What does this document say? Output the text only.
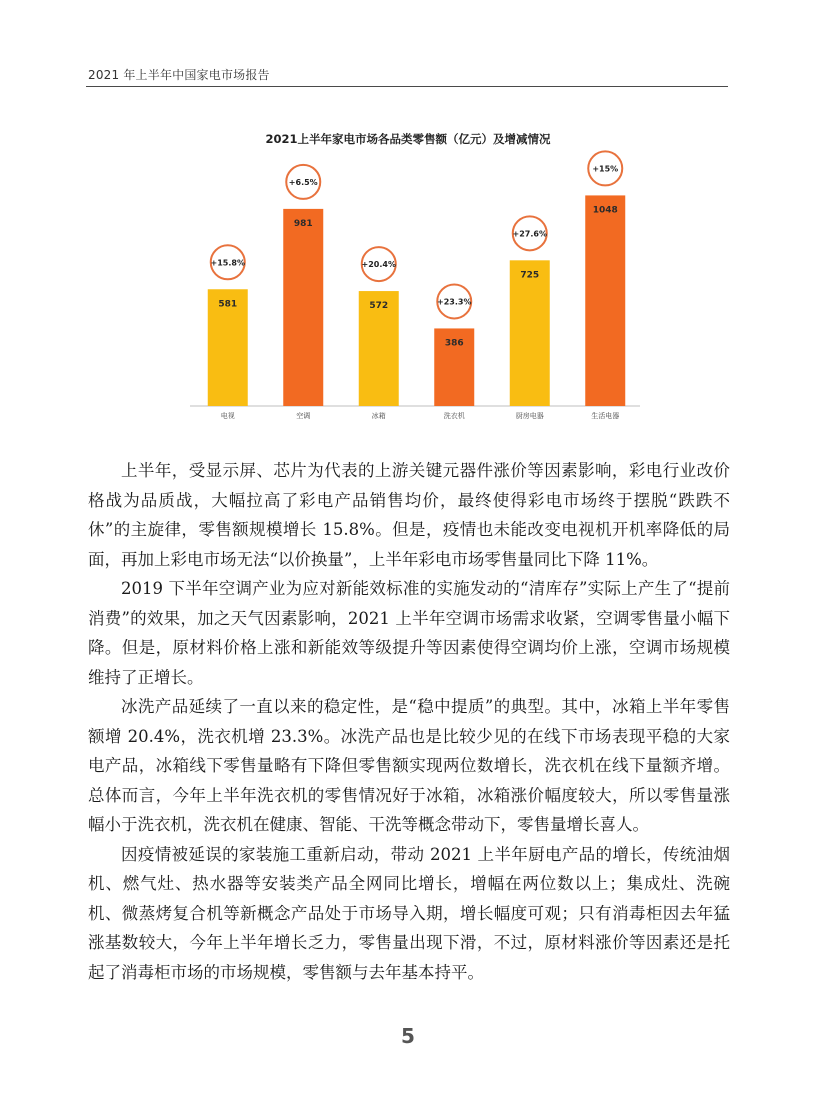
2021 年上半年中国家电市场报告
2021上半年家电市场各品类零售额（亿元）及增减情况
581
+15.8%
电视
981
+6.5%
空调
572
+20.4%
冰箱
386
+23.3%
洗衣机
725
+27.6%
厨房电器
1048
+15%
生活电器

上半年，受显示屏、芯片为代表的上游关键元器件涨价等因素影响，彩电行业改价格战为品质战，大幅拉高了彩电产品销售均价，最终使得彩电市场终于摆脱“跌跌不休”的主旋律，零售额规模增长 15.8%。但是，疫情也未能改变电视机开机率降低的局面，再加上彩电市场无法“以价换量”，上半年彩电市场零售量同比下降 11%。

2019 下半年空调产业为应对新能效标准的实施发动的“清库存”实际上产生了“提前消费”的效果，加之天气因素影响，2021 上半年空调市场需求收紧，空调零售量小幅下降。但是，原材料价格上涨和新能效等级提升等因素使得空调均价上涨，空调市场规模维持了正增长。

冰洗产品延续了一直以来的稳定性，是“稳中提质”的典型。其中，冰箱上半年零售额增 20.4%，洗衣机增 23.3%。冰洗产品也是比较少见的在线下市场表现平稳的大家电产品，冰箱线下零售量略有下降但零售额实现两位数增长，洗衣机在线下量额齐增。总体而言，今年上半年洗衣机的零售情况好于冰箱，冰箱涨价幅度较大，所以零售量涨幅小于洗衣机，洗衣机在健康、智能、干洗等概念带动下，零售量增长喜人。

因疫情被延误的家装施工重新启动，带动 2021 上半年厨电产品的增长，传统油烟机、燃气灶、热水器等安装类产品全网同比增长，增幅在两位数以上；集成灶、洗碗机、微蒸烤复合机等新概念产品处于市场导入期，增长幅度可观；只有消毒柜因去年猛涨基数较大，今年上半年增长乏力，零售量出现下滑，不过，原材料涨价等因素还是托起了消毒柜市场的市场规模，零售额与去年基本持平。

5
